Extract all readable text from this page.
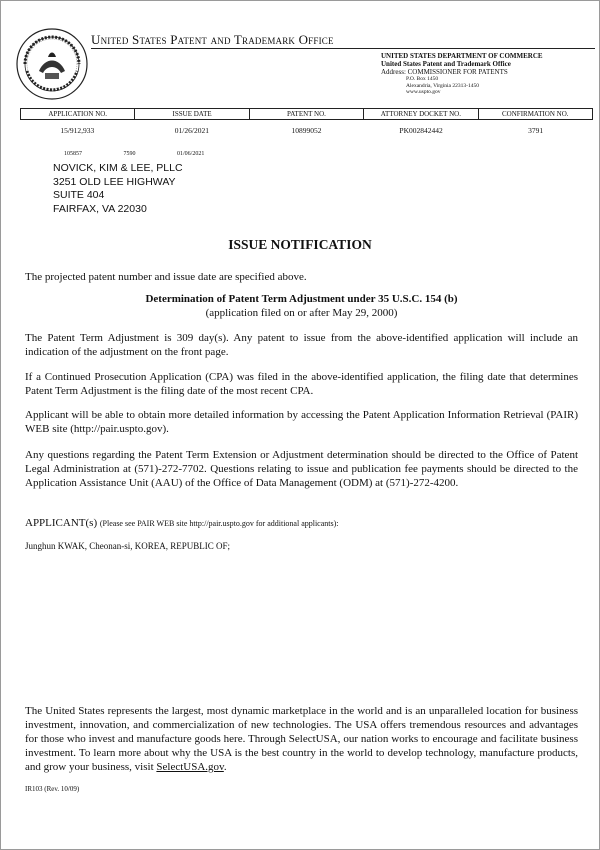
United States Patent and Trademark Office
UNITED STATES DEPARTMENT OF COMMERCE
United States Patent and Trademark Office
Address: COMMISSIONER FOR PATENTS
P.O. Box 1450
Alexandria, Virginia 22313-1450
www.uspto.gov
APPLICATION NO.	ISSUE DATE	PATENT NO.	ATTORNEY DOCKET NO.	CONFIRMATION NO.
15/912,933	01/26/2021	10899052	PK002842442	3791
105857	7590	01/06/2021
NOVICK, KIM & LEE, PLLC
3251 OLD LEE HIGHWAY
SUITE 404
FAIRFAX, VA 22030
ISSUE NOTIFICATION
The projected patent number and issue date are specified above.
Determination of Patent Term Adjustment under 35 U.S.C. 154 (b)
(application filed on or after May 29, 2000)
The Patent Term Adjustment is 309 day(s). Any patent to issue from the above-identified application will include an indication of the adjustment on the front page.
If a Continued Prosecution Application (CPA) was filed in the above-identified application, the filing date that determines Patent Term Adjustment is the filing date of the most recent CPA.
Applicant will be able to obtain more detailed information by accessing the Patent Application Information Retrieval (PAIR) WEB site (http://pair.uspto.gov).
Any questions regarding the Patent Term Extension or Adjustment determination should be directed to the Office of Patent Legal Administration at (571)-272-7702. Questions relating to issue and publication fee payments should be directed to the Application Assistance Unit (AAU) of the Office of Data Management (ODM) at (571)-272-4200.
APPLICANT(s) (Please see PAIR WEB site http://pair.uspto.gov for additional applicants):
Junghun KWAK, Cheonan-si, KOREA, REPUBLIC OF;
The United States represents the largest, most dynamic marketplace in the world and is an unparalleled location for business investment, innovation, and commercialization of new technologies. The USA offers tremendous resources and advantages for those who invest and manufacture goods here. Through SelectUSA, our nation works to encourage and facilitate business investment. To learn more about why the USA is the best country in the world to develop technology, manufacture products, and grow your business, visit SelectUSA.gov.
IR103 (Rev. 10/09)
